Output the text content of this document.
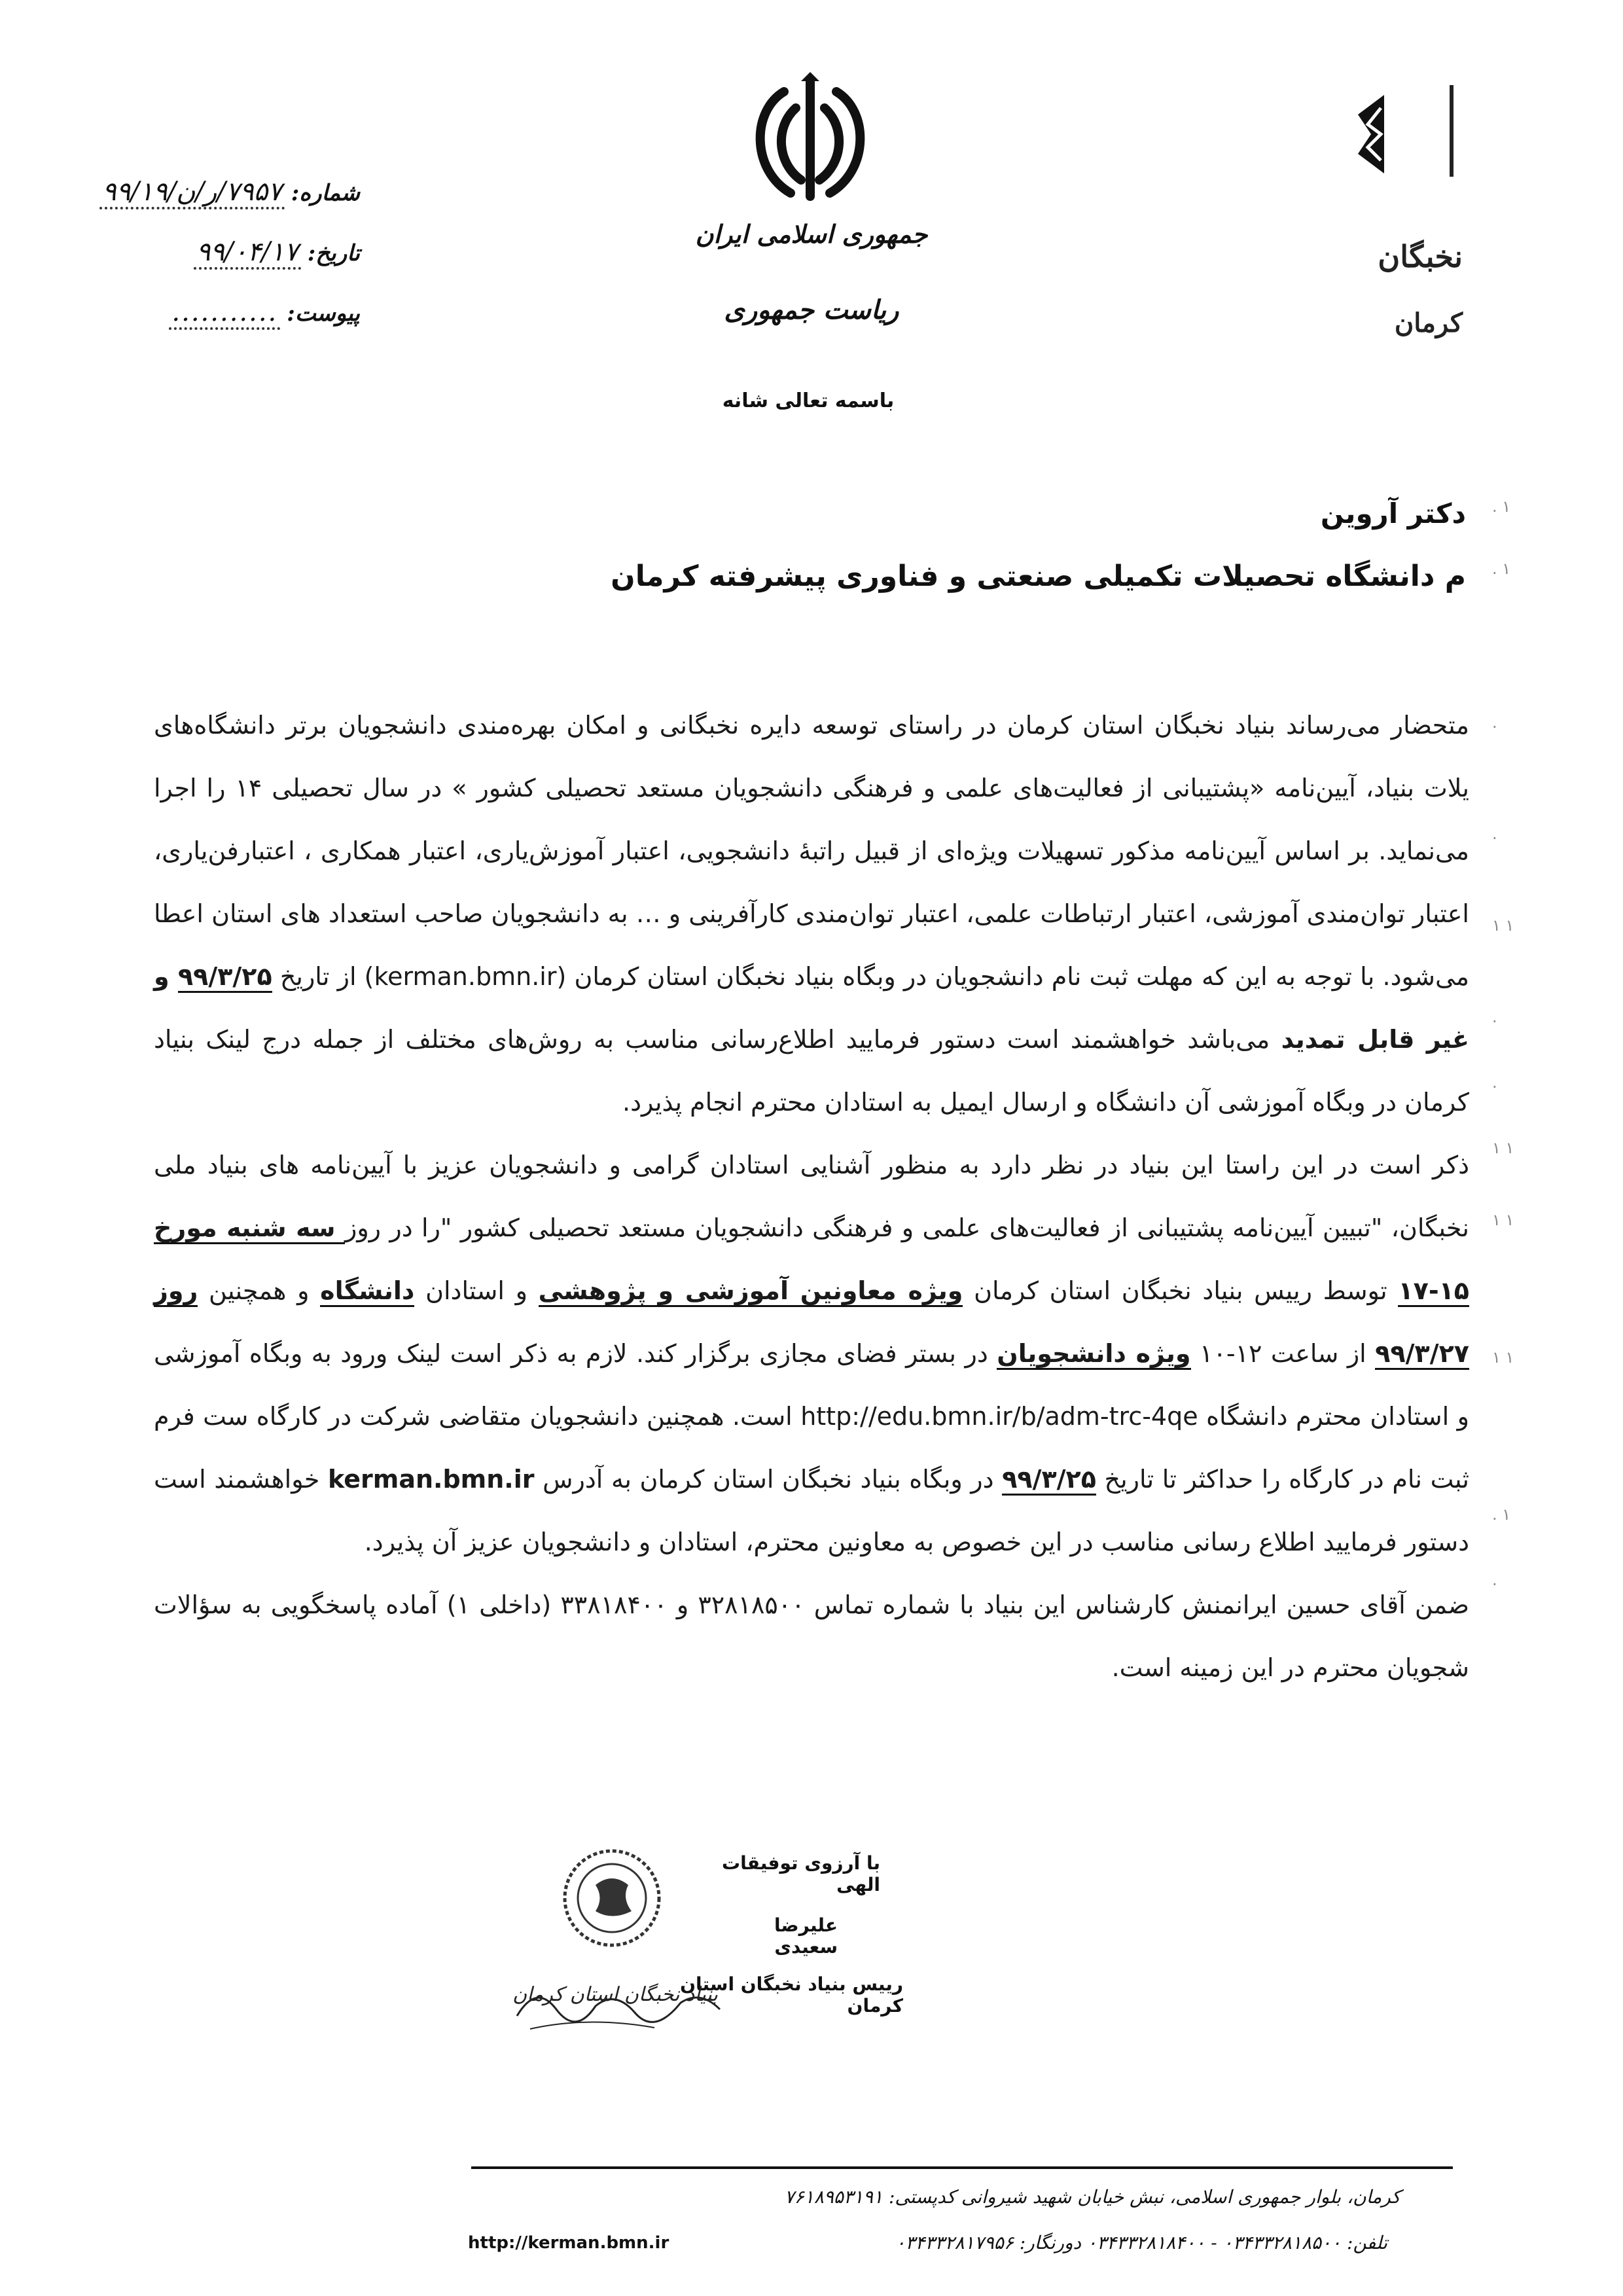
جمهوری اسلامی ایران
ریاست جمهوری
باسمه تعالی شانه
نخبگان
کرمان
شماره:
۷۹۵۷/ر/ن/۹۹/۱۹
تاریخ:
۹۹/۰۴/۱۷
پیوست:
...........
دکتر آروین
م دانشگاه تحصیلات تکمیلی صنعتی و فناوری پیشرفته کرمان
. ۱
. ۱
.
.
۱ ۱
.
.
۱ ۱
۱ ۱
۱ ۱
. ۱
.

متحضار می‌رساند بنیاد نخبگان استان کرمان در راستای توسعه دایره نخبگانی و امکان بهره‌مندی دانشجویان برتر دانشگاه‌های یلات بنیاد، آیین‌نامه «پشتیبانی از فعالیت‌های علمی و فرهنگی دانشجویان مستعد تحصیلی کشور » در سال تحصیلی ۱۴ را اجرا می‌نماید. بر اساس آیین‌نامه مذکور تسهیلات ویژه‌ای از قبیل راتبهٔ دانشجویی، اعتبار آموزش‌یاری، اعتبار همکاری ، اعتبارفن‌یاری، اعتبار توان‌مندی آموزشی، اعتبار ارتباطات علمی، اعتبار توان‌مندی کارآفرینی و … به دانشجویان صاحب استعداد های استان اعطا می‌شود. با توجه به این که مهلت ثبت نام دانشجویان در وبگاه بنیاد نخبگان استان کرمان (kerman.bmn.ir) از تاریخ ۹۹/۳/۲۵ و غیر قابل تمدید می‌باشد خواهشمند است دستور فرمایید اطلاع‌رسانی مناسب به روش‌های مختلف از جمله درج لینک بنیاد کرمان در وبگاه آموزشی آن دانشگاه و ارسال ایمیل به استادان محترم انجام پذیرد.

ذکر است در این راستا این بنیاد در نظر دارد به منظور آشنایی استادان گرامی و دانشجویان عزیز با آیین‌نامه های بنیاد ملی نخبگان، "تبیین آیین‌نامه پشتیبانی از فعالیت‌های علمی و فرهنگی دانشجویان مستعد تحصیلی کشور "را در روز سه شنبه مورخ ۱۵-۱۷ توسط رییس بنیاد نخبگان استان کرمان ویژه معاونین آموزشی و پژوهشی و استادان دانشگاه و همچنین روز ۹۹/۳/۲۷ از ساعت ۱۲-۱۰ ویژه دانشجویان در بستر فضای مجازی برگزار کند. لازم به ذکر است لینک ورود به وبگاه آموزشی و استادان محترم دانشگاه http://edu.bmn.ir/b/adm-trc-4qe است. همچنین دانشجویان متقاضی شرکت در کارگاه ست فرم ثبت نام در کارگاه را حداکثر تا تاریخ ۹۹/۳/۲۵ در وبگاه بنیاد نخبگان استان کرمان به آدرس kerman.bmn.ir خواهشمند است دستور فرمایید اطلاع رسانی مناسب در این خصوص به معاونین محترم، استادان و دانشجویان عزیز آن پذیرد.

ضمن آقای حسین ایرانمنش کارشناس این بنیاد با شماره تماس ۳۲۸۱۸۵۰۰ و ۳۳۸۱۸۴۰۰ (داخلی ۱) آماده پاسخگویی به سؤالات شجویان محترم در این زمینه است.

با آرزوی توفیقات الهی
علیرضا سعیدی
رییس بنیاد نخبگان استان کرمان
بنیاد نخبگان استان کرمان
کرمان، بلوار جمهوری اسلامی، نبش خیابان شهید شیروانی کدپستی: ۷۶۱۸۹۵۳۱۹۱
تلفن: ۰۳۴۳۳۲۸۱۸۵۰۰ - ۰۳۴۳۳۲۸۱۸۴۰۰ دورنگار: ۰۳۴۳۳۲۸۱۷۹۵۶
http://kerman.bmn.ir
